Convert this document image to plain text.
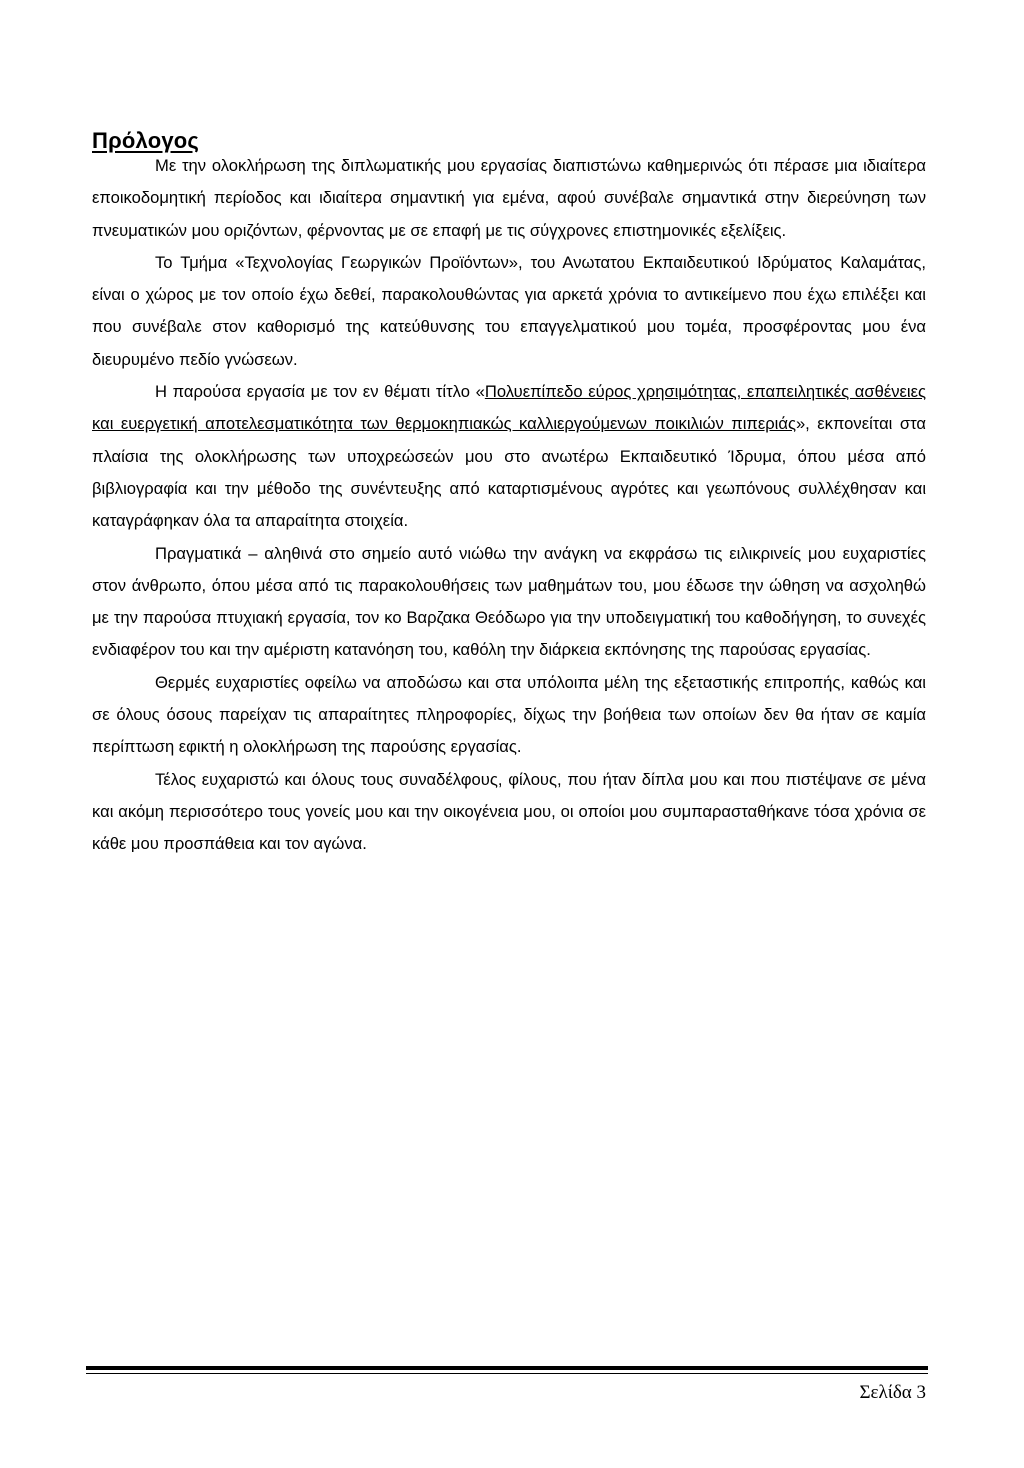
Πρόλογος

Με την ολοκλήρωση της διπλωματικής μου εργασίας διαπιστώνω καθημερινώς ότι πέρασε μια ιδιαίτερα εποικοδομητική περίοδος και ιδιαίτερα σημαντική για εμένα, αφού συνέβαλε σημαντικά στην διερεύνηση των πνευματικών μου οριζόντων, φέρνοντας με σε επαφή με τις σύγχρονες επιστημονικές εξελίξεις.

Το Τμήμα «Τεχνολογίας Γεωργικών Προϊόντων», του Ανωτατου Εκπαιδευτικού Ιδρύματος Καλαμάτας, είναι ο χώρος με τον οποίο έχω δεθεί, παρακολουθώντας για αρκετά χρόνια το αντικείμενο που έχω επιλέξει και που συνέβαλε στον καθορισμό της κατεύθυνσης του επαγγελματικού μου τομέα, προσφέροντας μου ένα διευρυμένο πεδίο γνώσεων.

Η παρούσα εργασία με τον εν θέματι τίτλο «Πολυεπίπεδο εύρος χρησιμότητας, επαπειλητικές ασθένειες και ευεργετική αποτελεσματικότητα των θερμοκηπιακώς καλλιεργούμενων ποικιλιών πιπεριάς», εκπονείται στα πλαίσια της ολοκλήρωσης των υποχρεώσεών μου στο ανωτέρω Εκπαιδευτικό Ίδρυμα, όπου μέσα από βιβλιογραφία και την μέθοδο της συνέντευξης από καταρτισμένους αγρότες και γεωπόνους συλλέχθησαν και καταγράφηκαν όλα τα απαραίτητα στοιχεία.

Πραγματικά – αληθινά στο σημείο αυτό νιώθω την ανάγκη να εκφράσω τις ειλικρινείς μου ευχαριστίες στον άνθρωπο, όπου μέσα από τις παρακολουθήσεις των μαθημάτων του, μου έδωσε την ώθηση να ασχοληθώ με την παρούσα πτυχιακή εργασία, τον κο Βαρζακα Θεόδωρο για την υποδειγματική του καθοδήγηση, το συνεχές ενδιαφέρον του και την αμέριστη κατανόηση του, καθόλη την διάρκεια εκπόνησης της παρούσας εργασίας.

Θερμές ευχαριστίες οφείλω να αποδώσω και στα υπόλοιπα μέλη της εξεταστικής επιτροπής, καθώς και σε όλους όσους παρείχαν τις απαραίτητες πληροφορίες, δίχως την βοήθεια των οποίων δεν θα ήταν σε καμία περίπτωση εφικτή η ολοκλήρωση της παρούσης εργασίας.

Τέλος ευχαριστώ και όλους τους συναδέλφους, φίλους, που ήταν δίπλα μου και που πιστέψανε σε μένα και ακόμη περισσότερο τους γονείς μου και την οικογένεια μου, οι οποίοι μου συμπαρασταθήκανε τόσα χρόνια σε κάθε μου προσπάθεια και τον αγώνα.

Σελίδα 3
